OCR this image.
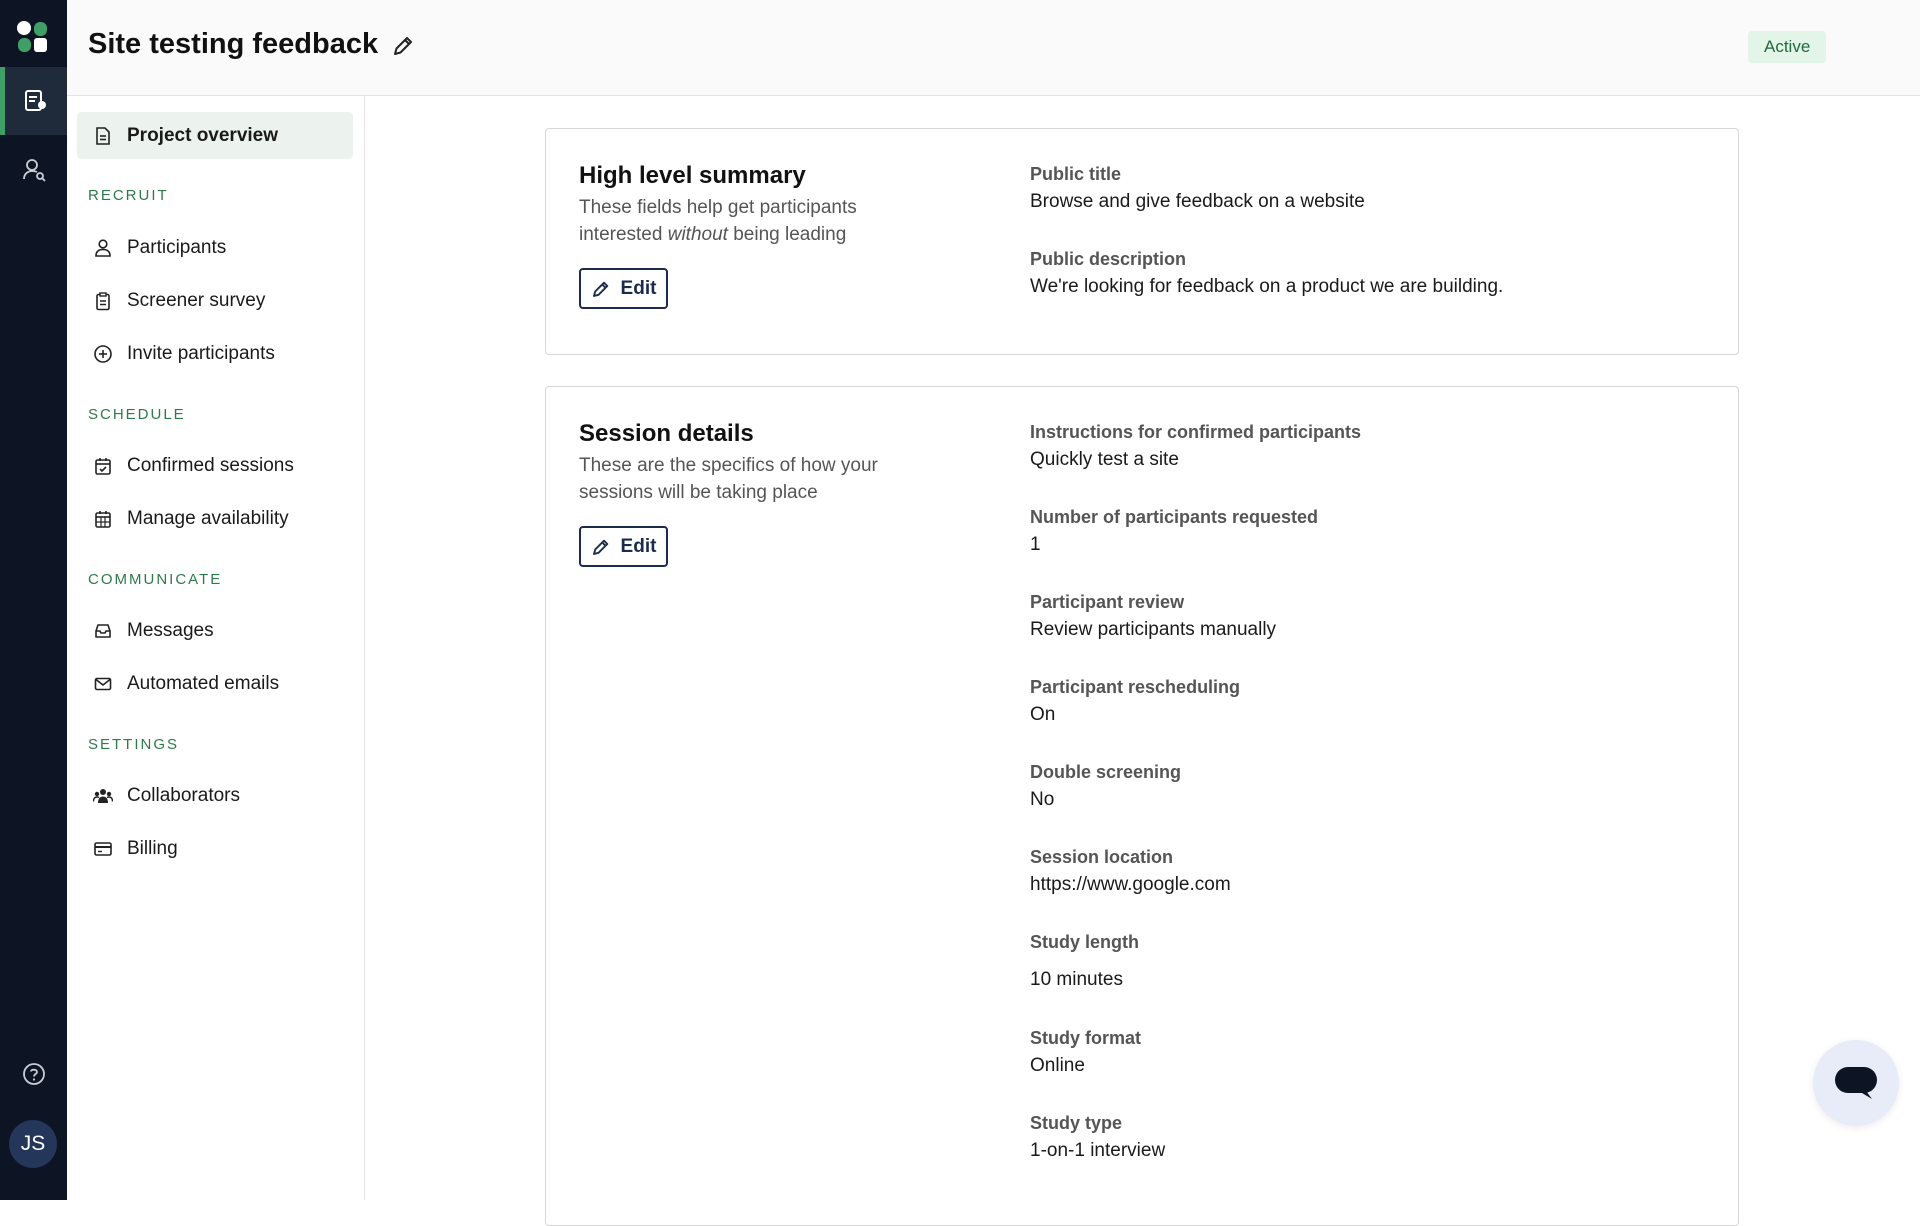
JS
Site testing feedback	Active
Project overview
RECRUIT
Participants
Screener survey
Invite participants
SCHEDULE
Confirmed sessions
Manage availability
COMMUNICATE
Messages
Automated emails
SETTINGS
Collaborators
Billing
High level summary
These fields help get participants interested without being leading
Edit
Public title
Browse and give feedback on a website
Public description
We're looking for feedback on a product we are building.
Session details
These are the specifics of how your sessions will be taking place
Edit
Instructions for confirmed participants
Quickly test a site
Number of participants requested
1
Participant review
Review participants manually
Participant rescheduling
On
Double screening
No
Session location
https://www.google.com
Study length
10 minutes
Study format
Online
Study type
1-on-1 interview
